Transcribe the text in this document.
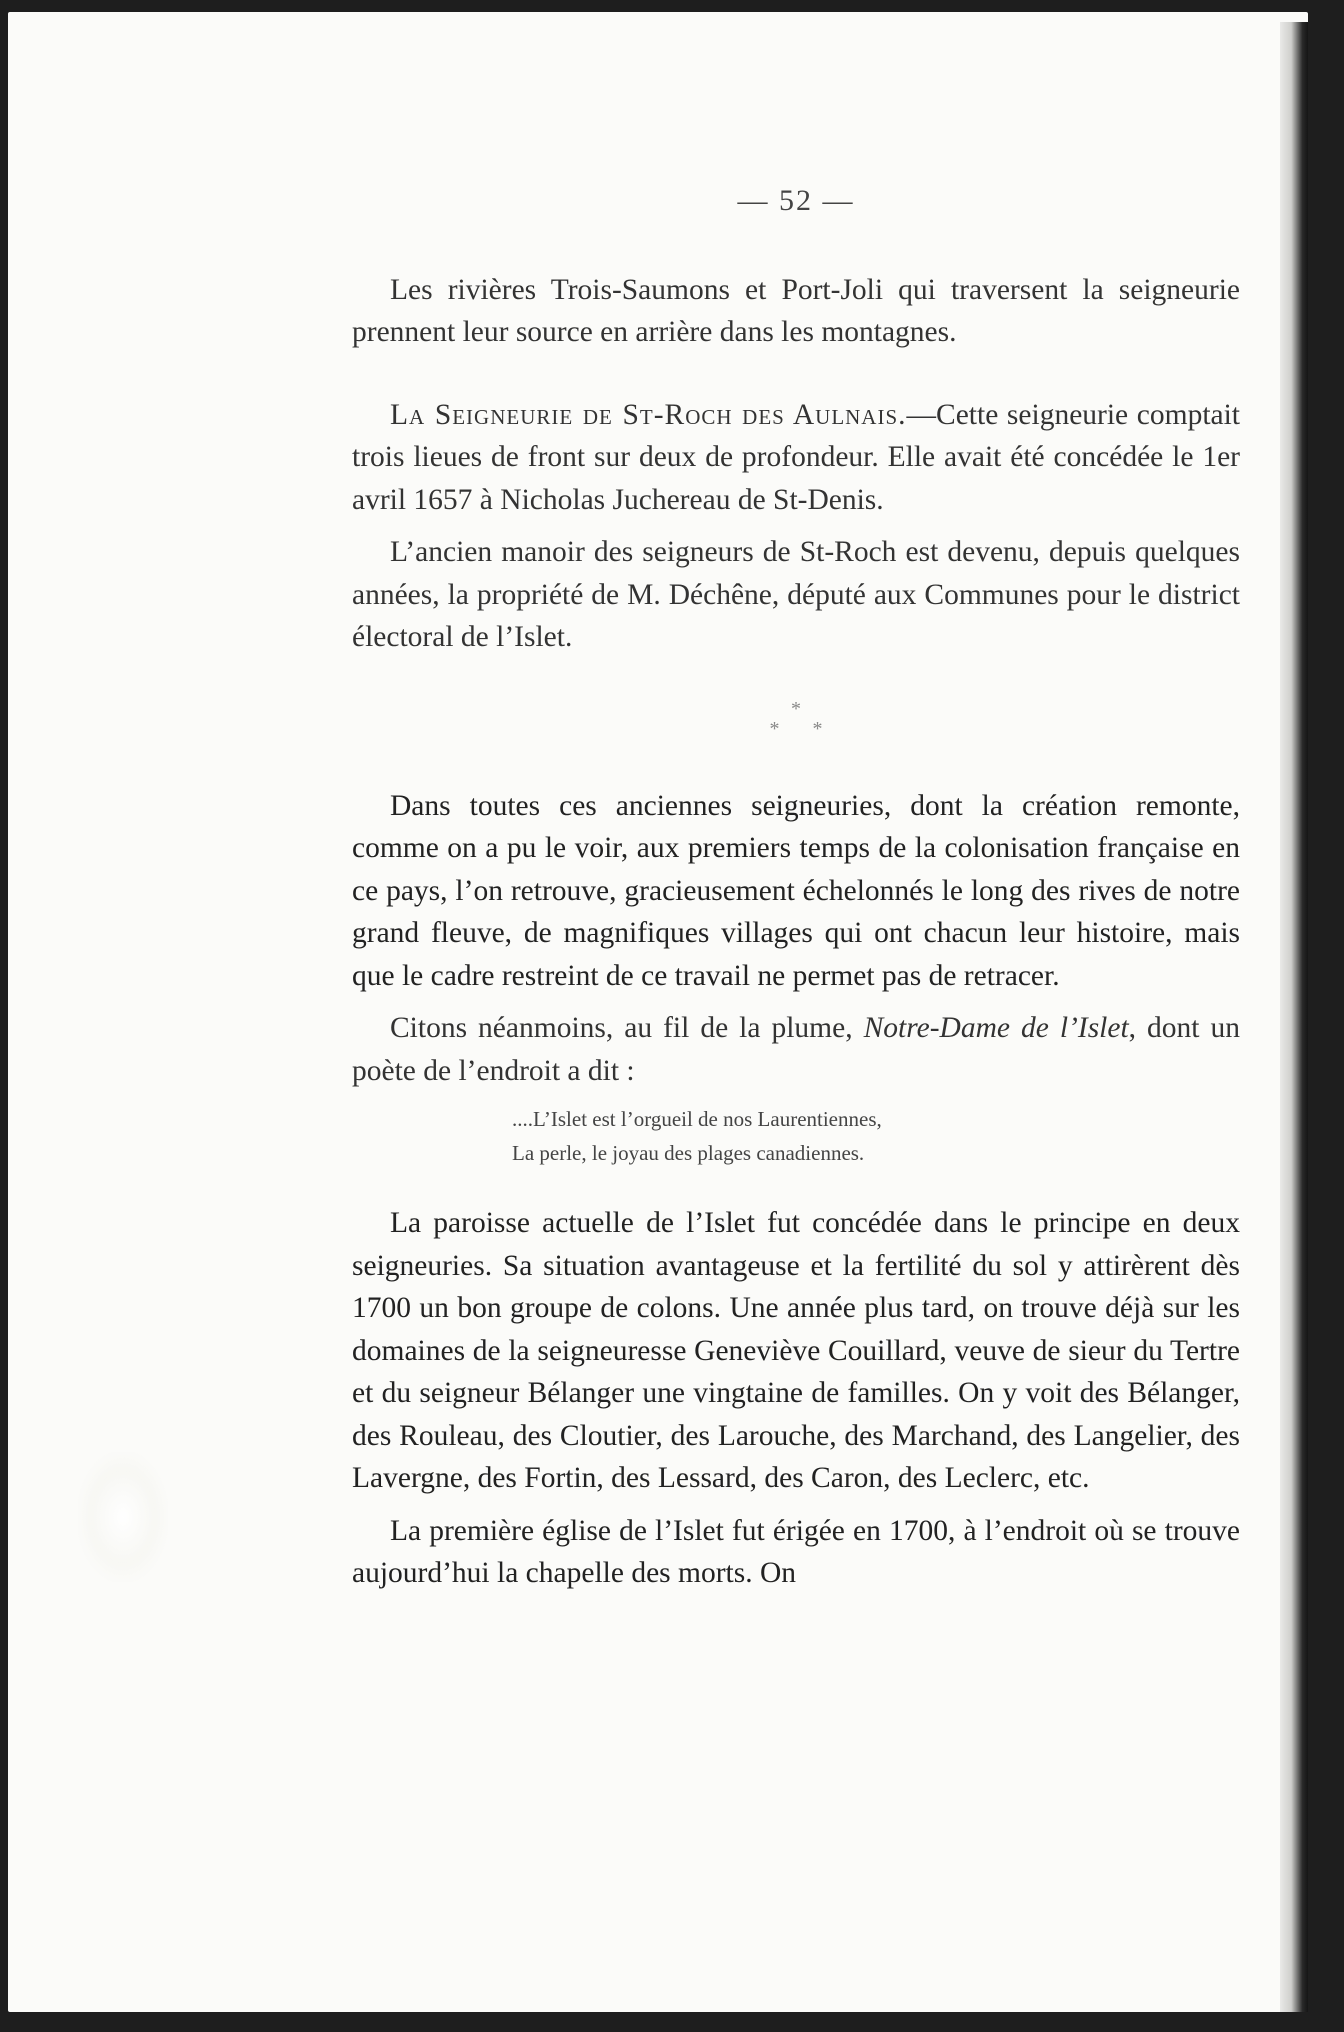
— 52 —

Les rivières Trois-Saumons et Port-Joli qui traversent la seigneurie prennent leur source en arrière dans les montagnes.

La Seigneurie de St-Roch des Aulnais.—Cette seigneurie comptait trois lieues de front sur deux de profondeur. Elle avait été concédée le 1er avril 1657 à Nicholas Juchereau de St-Denis.

L’ancien manoir des seigneurs de St-Roch est devenu, depuis quelques années, la propriété de M. Déchêne, député aux Communes pour le district électoral de l’Islet.

*
* *

Dans toutes ces anciennes seigneuries, dont la création remonte, comme on a pu le voir, aux premiers temps de la colonisation française en ce pays, l’on retrouve, gracieusement échelonnés le long des rives de notre grand fleuve, de magnifiques villages qui ont chacun leur histoire, mais que le cadre restreint de ce travail ne permet pas de retracer.

Citons néanmoins, au fil de la plume, Notre-Dame de l’Islet, dont un poète de l’endroit a dit :

....L’Islet est l’orgueil de nos Laurentiennes,
La perle, le joyau des plages canadiennes.

La paroisse actuelle de l’Islet fut concédée dans le principe en deux seigneuries. Sa situation avantageuse et la fertilité du sol y attirèrent dès 1700 un bon groupe de colons. Une année plus tard, on trouve déjà sur les domaines de la seigneuresse Geneviève Couillard, veuve de sieur du Tertre et du seigneur Bélanger une vingtaine de familles. On y voit des Bélanger, des Rouleau, des Cloutier, des Larouche, des Marchand, des Langelier, des Lavergne, des Fortin, des Lessard, des Caron, des Leclerc, etc.

La première église de l’Islet fut érigée en 1700, à l’endroit où se trouve aujourd’hui la chapelle des morts. On
